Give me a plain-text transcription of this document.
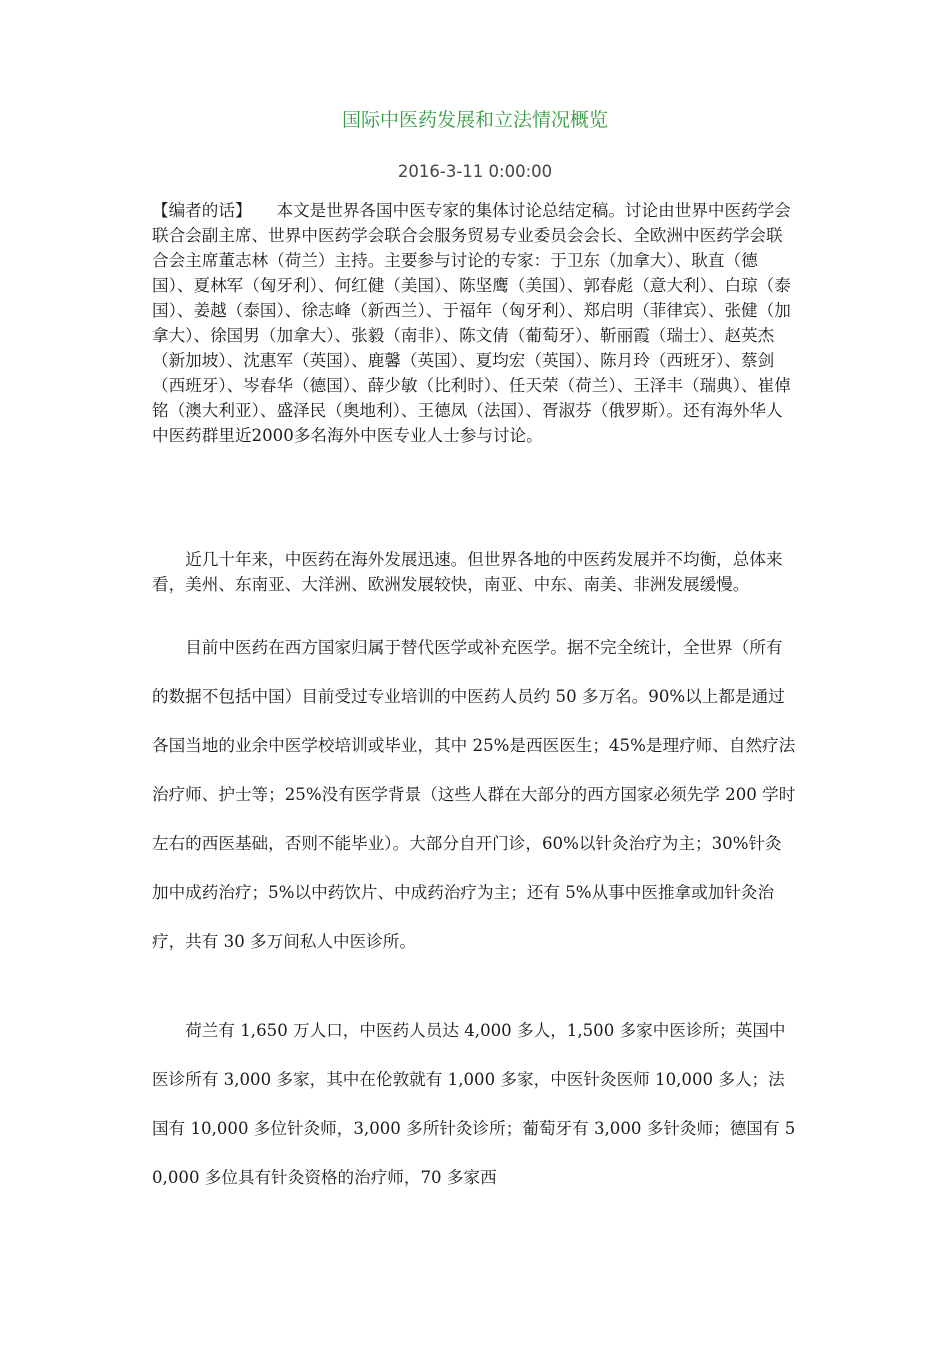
国际中医药发展和立法情况概览
2016-3-11 0:00:00

【编者的话】　　本文是世界各国中医专家的集体讨论总结定稿。讨论由世界中医药学会联合会副主席、世界中医药学会联合会服务贸易专业委员会会长、全欧洲中医药学会联合会主席董志林（荷兰）主持。主要参与讨论的专家：于卫东（加拿大）、耿直（德国）、夏林军（匈牙利）、何红健（美国）、陈坚鹰（美国）、郭春彪（意大利）、白琼（泰国）、姜越（泰国）、徐志峰（新西兰）、于福年（匈牙利）、郑启明（菲律宾）、张健（加拿大）、徐国男（加拿大）、张毅（南非）、陈文倩（葡萄牙）、靳丽霞（瑞士）、赵英杰（新加坡）、沈惠军（英国）、鹿馨（英国）、夏均宏（英国）、陈月玲（西班牙）、蔡剑（西班牙）、岑春华（德国）、薛少敏（比利时）、任天荣（荷兰）、王泽丰（瑞典）、崔倬铭（澳大利亚）、盛泽民（奥地利）、王德凤（法国）、胥淑芬（俄罗斯）。还有海外华人中医药群里近2000多名海外中医专业人士参与讨论。

近几十年来，中医药在海外发展迅速。但世界各地的中医药发展并不均衡，总体来看，美州、东南亚、大洋洲、欧洲发展较快，南亚、中东、南美、非洲发展缓慢。

目前中医药在西方国家归属于替代医学或补充医学。据不完全统计，全世界（所有的数据不包括中国）目前受过专业培训的中医药人员约 50 多万名。90%以上都是通过各国当地的业余中医学校培训或毕业，其中 25%是西医医生；45%是理疗师、自然疗法治疗师、护士等；25%没有医学背景（这些人群在大部分的西方国家必须先学 200 学时左右的西医基础，否则不能毕业）。大部分自开门诊，60%以针灸治疗为主；30%针灸加中成药治疗；5%以中药饮片、中成药治疗为主；还有 5%从事中医推拿或加针灸治疗，共有 30 多万间私人中医诊所。

荷兰有 1,650 万人口，中医药人员达 4,000 多人，1,500 多家中医诊所；英国中医诊所有 3,000 多家，其中在伦敦就有 1,000 多家，中医针灸医师 10,000 多人；法国有 10,000 多位针灸师，3,000 多所针灸诊所；葡萄牙有 3,000 多针灸师；德国有 50,000 多位具有针灸资格的治疗师，70 多家西
